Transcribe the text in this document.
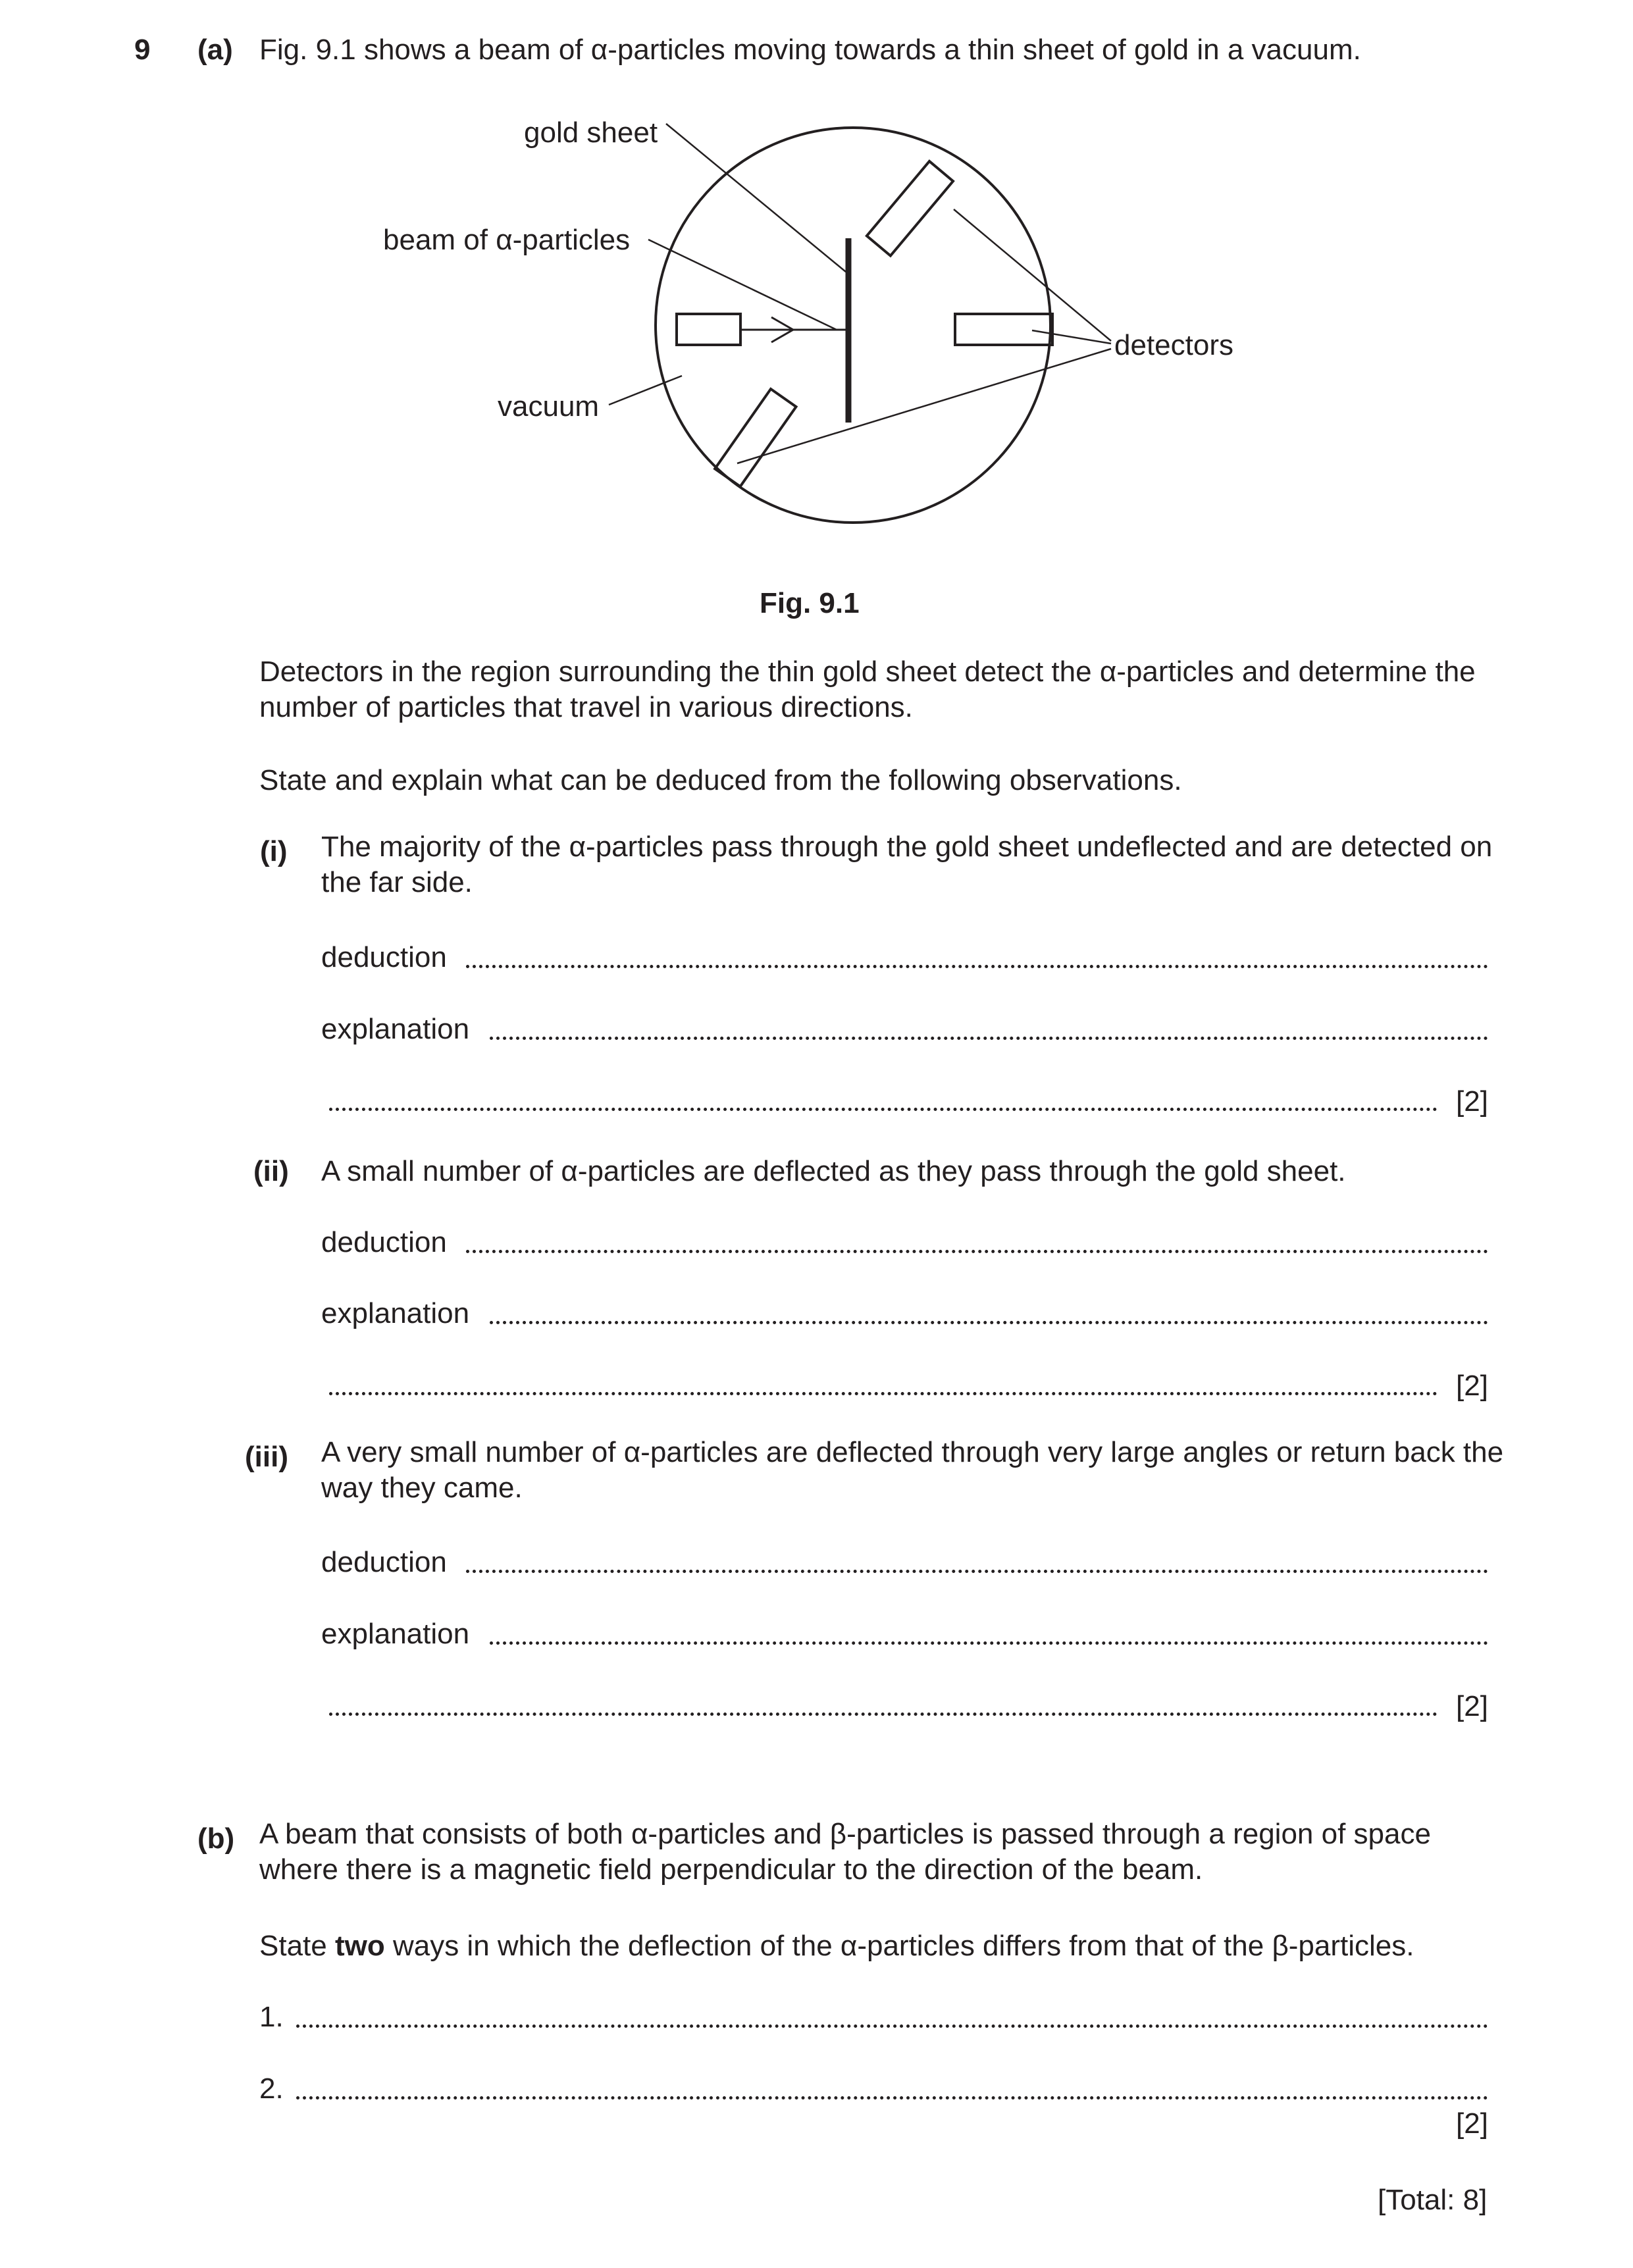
9 (a) Fig. 9.1 shows a beam of α-particles moving towards a thin sheet of gold in a vacuum.
gold sheet
beam of α-particles
vacuum
detectors
Fig. 9.1
Detectors in the region surrounding the thin gold sheet detect the α-particles and determine the number of particles that travel in various directions.
State and explain what can be deduced from the following observations.
(i) The majority of the α-particles pass through the gold sheet undeflected and are detected on the far side.
deduction
explanation
[2]
(ii) A small number of α-particles are deflected as they pass through the gold sheet.
deduction
explanation
[2]
(iii) A very small number of α-particles are deflected through very large angles or return back the way they came.
deduction
explanation
[2]
(b) A beam that consists of both α-particles and β-particles is passed through a region of space where there is a magnetic field perpendicular to the direction of the beam.
State two ways in which the deflection of the α-particles differs from that of the β-particles.
1.
2.
[2]
[Total: 8]
